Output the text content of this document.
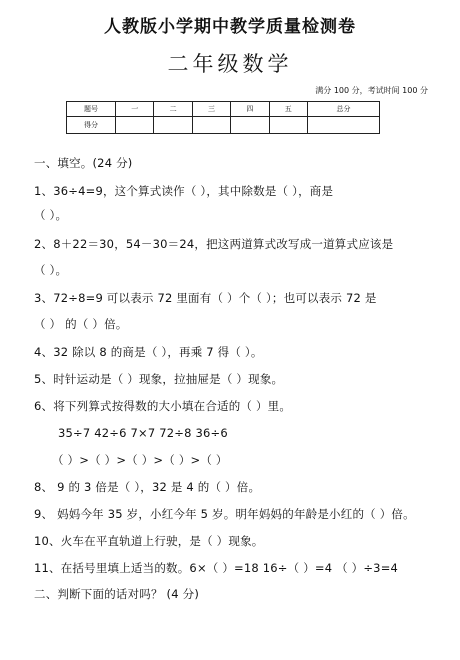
人教版小学期中教学质量检测卷
二年级数学
满分 100 分，考试时间 100 分
题号	一	二	三	四	五	总分
得分						
一、填空。(24 分)
1、36÷4=9，这个算式读作（ ），其中除数是（ ），商是
（ ）。
2、8＋22＝30，54－30＝24，把这两道算式改写成一道算式应该是
（ ）。
3、72÷8=9 可以表示 72 里面有（ ）个（ ）；也可以表示 72 是
（ ） 的（ ）倍。
4、32 除以 8 的商是（ ），再乘 7 得（ ）。
5、时针运动是（ ）现象，拉抽屉是（ ）现象。
6、将下列算式按得数的大小填在合适的（ ）里。
35÷7 42÷6 7×7 72÷8 36÷6
（ ）>（ ）>（ ）>（ ）>（ ）
8、 9 的 3 倍是（ ），32 是 4 的（ ）倍。
9、 妈妈今年 35 岁，小红今年 5 岁。明年妈妈的年龄是小红的（ ）倍。
10、火车在平直轨道上行驶，是（ ）现象。
11、在括号里填上适当的数。6×（ ）=18 16÷（ ）=4 （ ）÷3=4
二、判断下面的话对吗？ (4 分)
